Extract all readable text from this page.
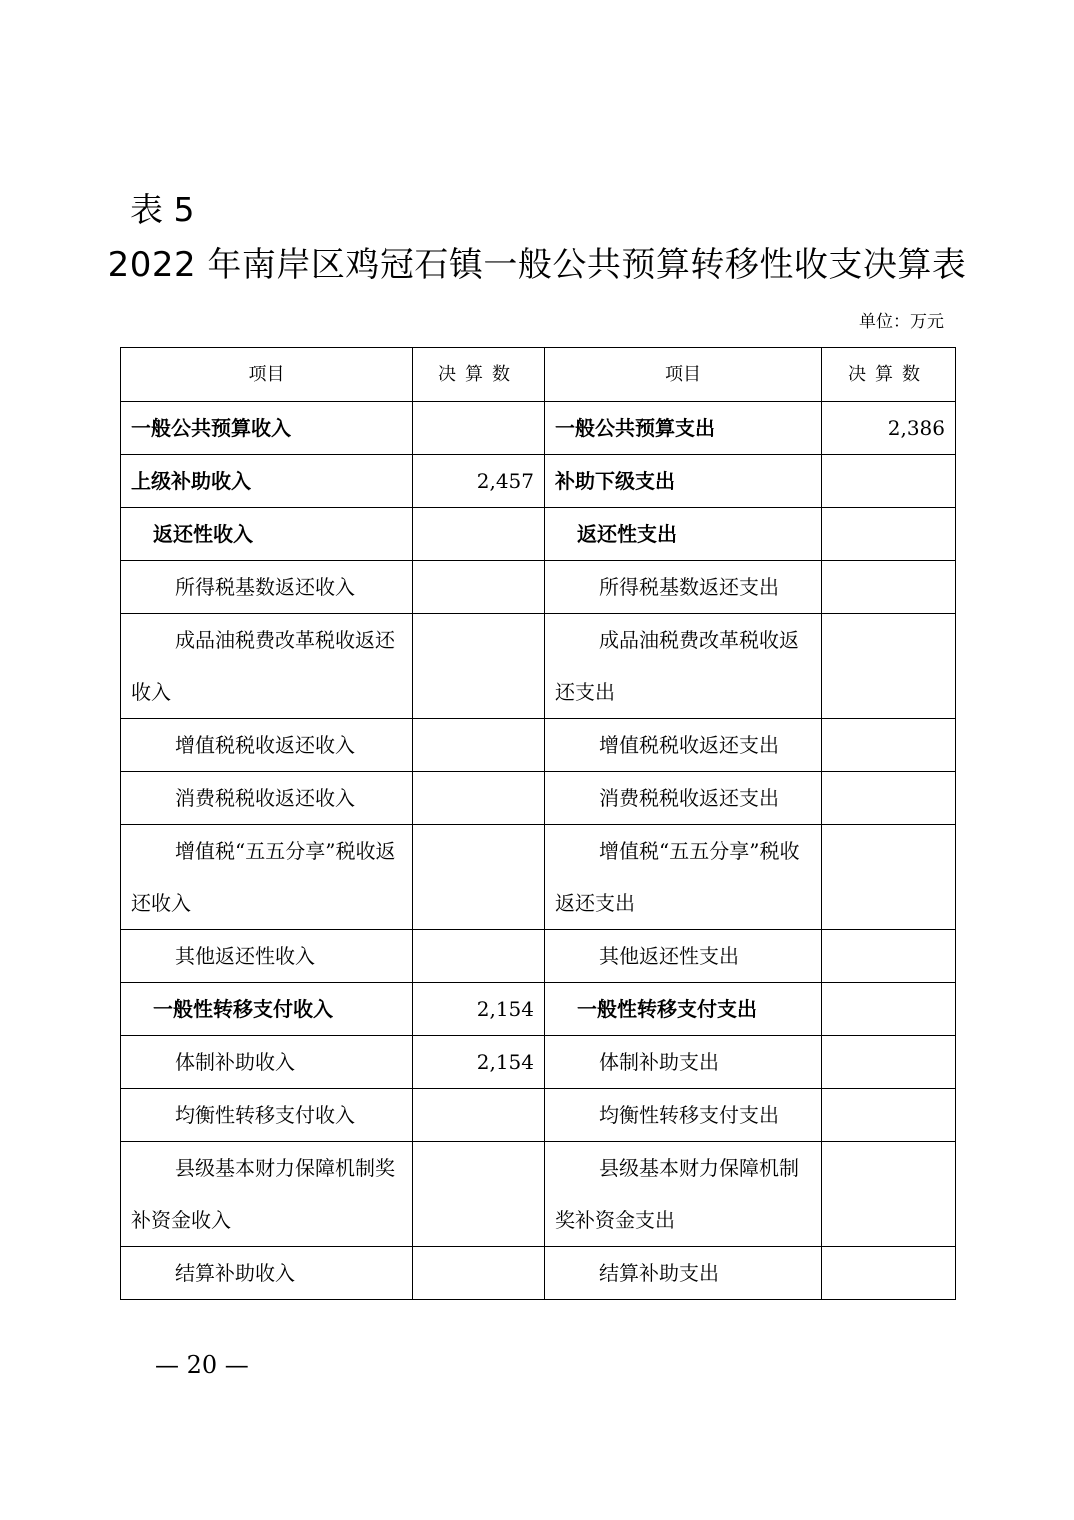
表 5
2022 年南岸区鸡冠石镇一般公共预算转移性收支决算表
单位：万元
项目	决算数	项目	决算数
一般公共预算收入		一般公共预算支出	2,386
上级补助收入	2,457	补助下级支出	
返还性收入		返还性支出	
所得税基数返还收入		所得税基数返还支出	

成品油税费改革税收返还收入		成品油税费改革税收返还支出	

增值税税收返还收入		增值税税收返还支出	
消费税税收返还收入		消费税税收返还支出	

增值税“五五分享”税收返还收入		增值税“五五分享”税收返还支出	

其他返还性收入		其他返还性支出	
一般性转移支付收入	2,154	一般性转移支付支出	
体制补助收入	2,154	体制补助支出	
均衡性转移支付收入		均衡性转移支付支出	

县级基本财力保障机制奖补资金收入		县级基本财力保障机制奖补资金支出	

结算补助收入		结算补助支出	
— 20 —
